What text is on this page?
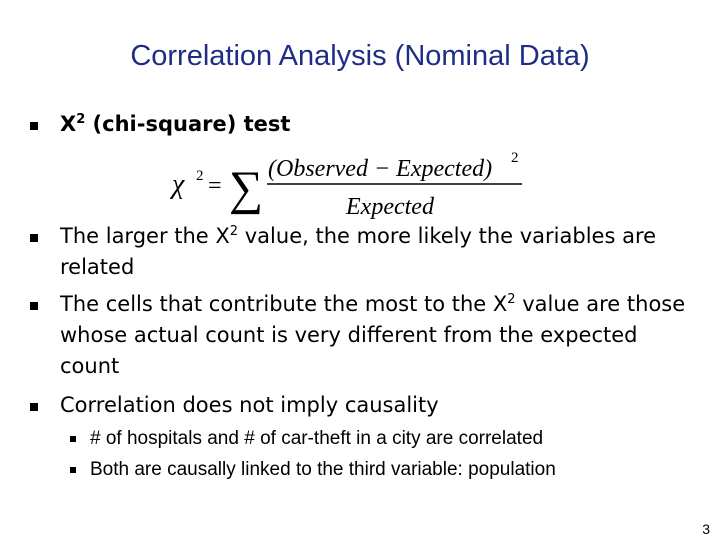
Correlation Analysis (Nominal Data)
$X^2$ (chi-square) test
χ 2 = ∑ (Observed − Expected) 2
Expected
The larger the $X^2$ value, the more likely the variables are related
The cells that contribute the most to the $X^2$ value are those whose actual count is very different from the expected count
Correlation does not imply causality
# of hospitals and # of car-theft in a city are correlated
Both are causally linked to the third variable: population
3
